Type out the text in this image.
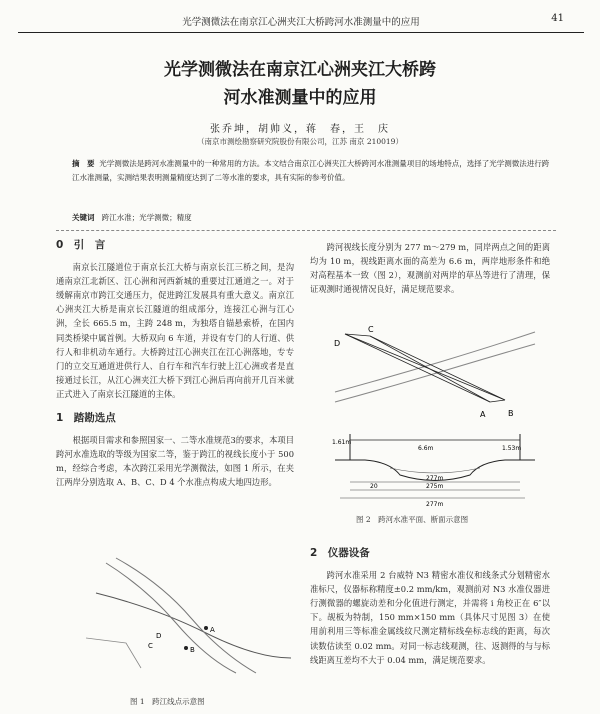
光学测微法在南京江心洲夹江大桥跨河水准测量中的应用	41
光学测微法在南京江心洲夹江大桥跨
河水准测量中的应用
张乔坤，胡帅义，蒋　春，王　庆
（南京市测绘勘察研究院股份有限公司，江苏 南京 210019）
摘　要 光学测微法是跨河水准测量中的一种常用的方法。本文结合南京江心洲夹江大桥跨河水准测量项目的场地特点，选择了光学测微法进行跨江水准测量，实测结果表明测量精度达到了二等水准的要求，具有实际的参考价值。
关键词 跨江水准；光学测微；精度
0　引　言

南京长江隧道位于南京长江大桥与南京长江三桥之间，是沟通南京江北新区、江心洲和河西新城的重要过江通道之一。对于缓解南京市跨江交通压力，促进跨江发展具有重大意义。南京江心洲夹江大桥是南京长江隧道的组成部分，连接江心洲与江心洲，全长 665.5 m，主跨 248 m，为独塔自锚悬索桥，在国内同类桥梁中属首例。大桥双向 6 车道，并设有专门的人行道、供行人和非机动车通行。大桥跨过江心洲夹江在江心洲落地，专专门的立交互通道进供行人、自行车和汽车行驶上江心洲或者是直接通过长江，从江心洲夹江大桥下到江心洲后再向前开几百米就正式进入了南京长江隧道的主体。

1　踏勘选点

根据项目需求和参照国家一、二等水准规范3的要求，本项目跨河水准选取的等级为国家二等，鉴于跨江的视线长度小于 500 m，经综合考虑，本次跨江采用光学测微法，如图 1 所示，在夹江两岸分别选取 A、B、C、D 4 个水准点构成大地四边形。

A
B
C
D
图 1　跨江线点示意图

跨河视线长度分别为 277 m～279 m，同岸两点之间的距离均为 10 m，视线距离水面的高差为 6.6 m，两岸地形条件和绝对高程基本一致（图 2），观测前对两岸的草丛等进行了清理，保证观测时通视情况良好，满足规范要求。

D
C
A	B
1.61m
6.6m	1.53m
277m
275m
277m
20
图 2　跨河水准平面、断面示意图
2　仪器设备

跨河水准采用 2 台威特 N3 精密水准仪和线条式分划精密水准标尺，仪器标称精度±0.2 mm/km，观测前对 N3 水准仪器进行测微器的螺旋动差和分化值进行测定，并需将 i 角校正在 6″以下。觇板为特制，150 mm×150 mm（具体尺寸见图 3）在使用前利用三等标准金属线纹尺测定精标线垒标志线的距离，每次读数估读至 0.02 mm。对同一标志线观测，往、返测得的与与标线距离互差均不大于 0.04 mm，满足规范要求。
